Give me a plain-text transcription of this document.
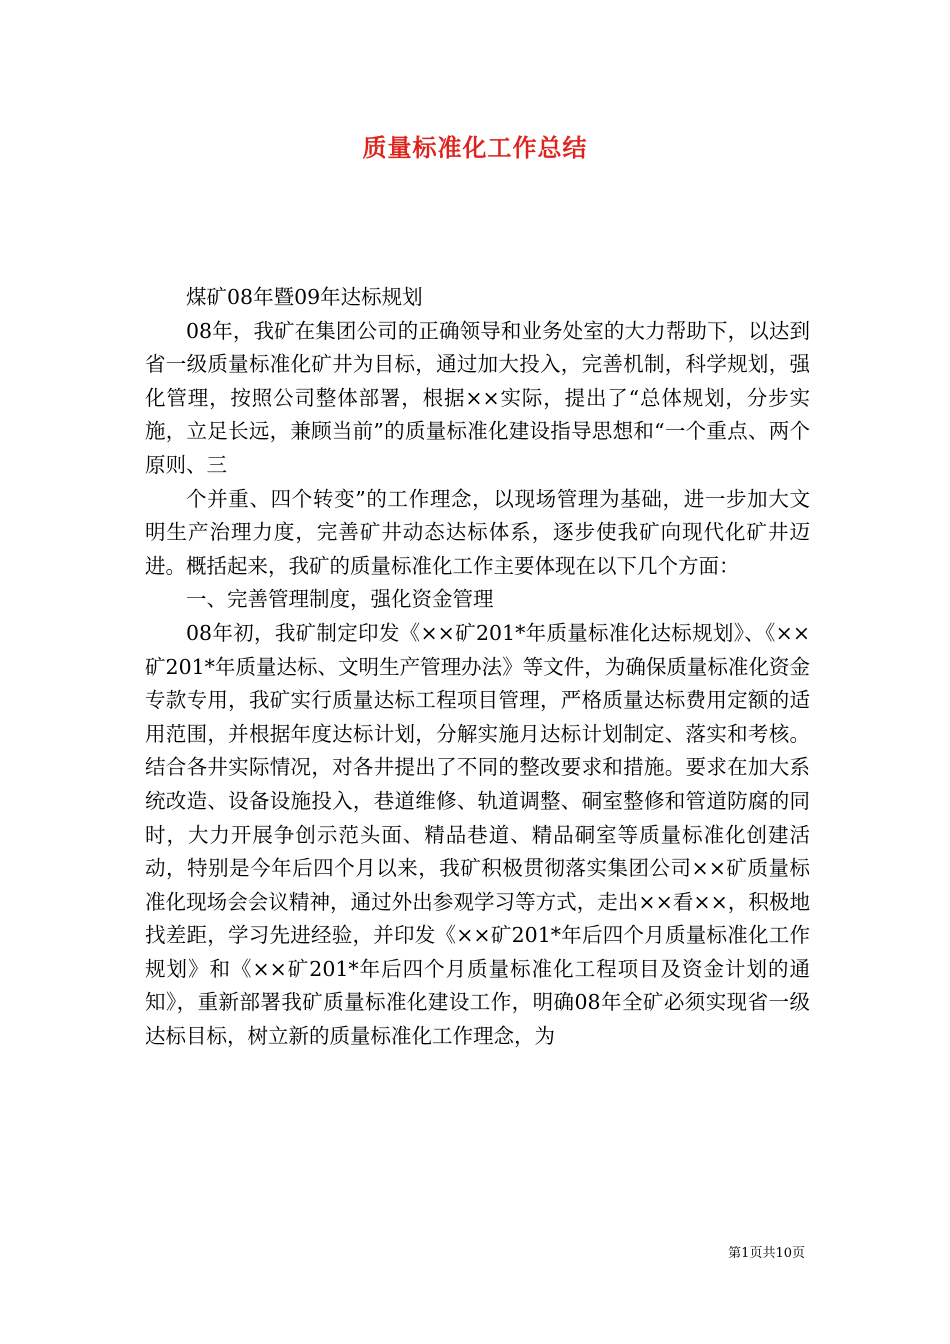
质量标准化工作总结

煤矿08年暨09年达标规划

08年，我矿在集团公司的正确领导和业务处室的大力帮助下，以达到省一级质量标准化矿井为目标，通过加大投入，完善机制，科学规划，强化管理，按照公司整体部署，根据××实际，提出了“总体规划，分步实施，立足长远，兼顾当前”的质量标准化建设指导思想和“一个重点、两个原则、三

个并重、四个转变”的工作理念，以现场管理为基础，进一步加大文明生产治理力度，完善矿井动态达标体系，逐步使我矿向现代化矿井迈进。概括起来，我矿的质量标准化工作主要体现在以下几个方面：

一、完善管理制度，强化资金管理

08年初，我矿制定印发《××矿201*年质量标准化达标规划》、《××矿201*年质量达标、文明生产管理办法》等文件，为确保质量标准化资金专款专用，我矿实行质量达标工程项目管理，严格质量达标费用定额的适用范围，并根据年度达标计划，分解实施月达标计划制定、落实和考核。结合各井实际情况，对各井提出了不同的整改要求和措施。要求在加大系统改造、设备设施投入，巷道维修、轨道调整、硐室整修和管道防腐的同时，大力开展争创示范头面、精品巷道、精品硐室等质量标准化创建活动，特别是今年后四个月以来，我矿积极贯彻落实集团公司××矿质量标准化现场会会议精神，通过外出参观学习等方式，走出××看××，积极地找差距，学习先进经验，并印发《××矿201*年后四个月质量标准化工作规划》和《××矿201*年后四个月质量标准化工程项目及资金计划的通知》，重新部署我矿质量标准化建设工作，明确08年全矿必须实现省一级达标目标，树立新的质量标准化工作理念，为

第1页共10页
